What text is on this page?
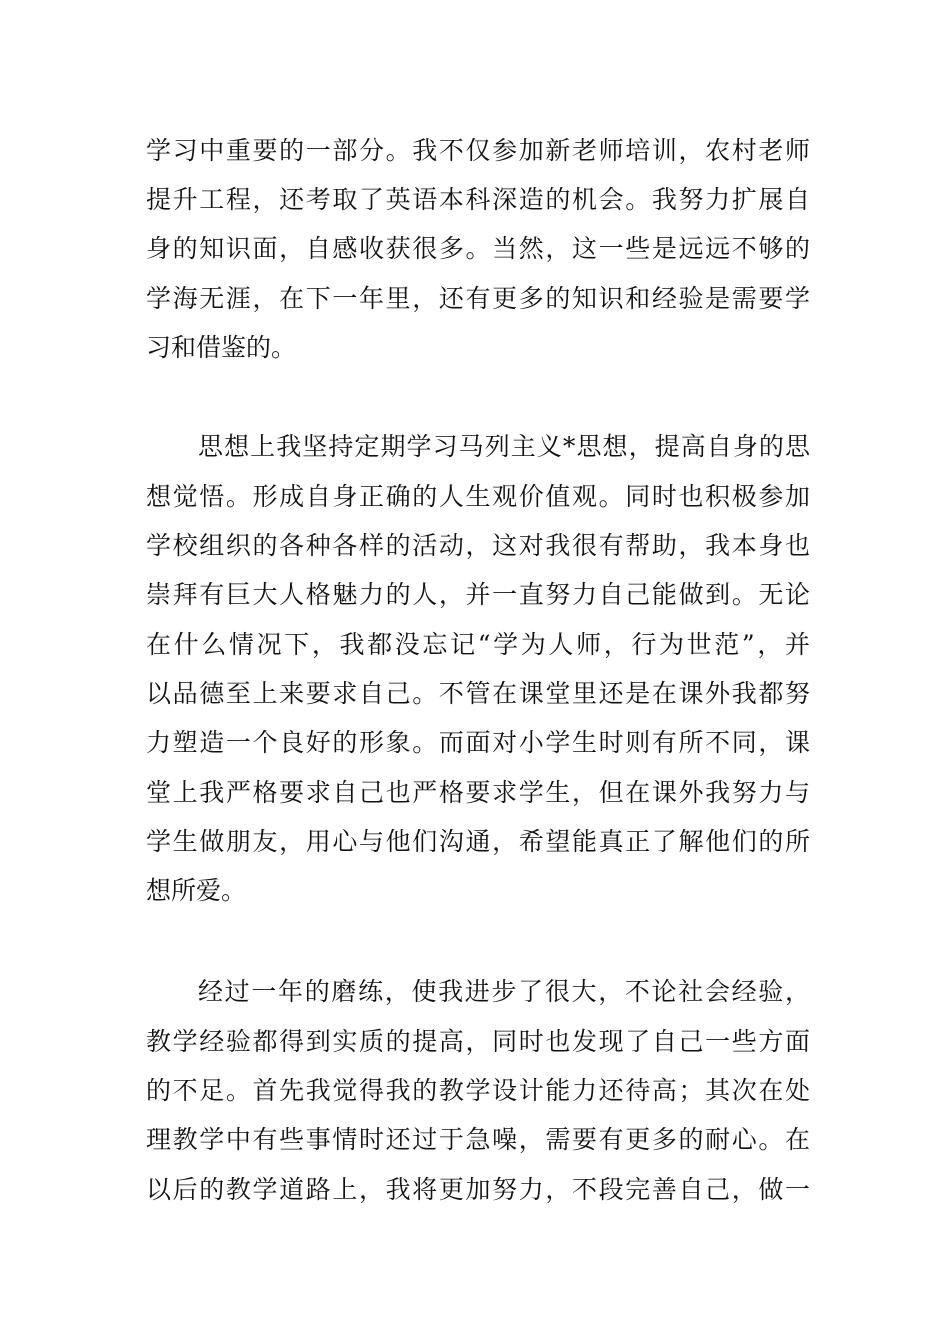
学习中重要的一部分。我不仅参加新老师培训，农村老师
提升工程，还考取了英语本科深造的机会。我努力扩展自
身的知识面，自感收获很多。当然，这一些是远远不够的
学海无涯，在下一年里，还有更多的知识和经验是需要学
习和借鉴的。
思想上我坚持定期学习马列主义*思想，提高自身的思
想觉悟。形成自身正确的人生观价值观。同时也积极参加
学校组织的各种各样的活动，这对我很有帮助，我本身也
崇拜有巨大人格魅力的人，并一直努力自己能做到。无论
在什么情况下，我都没忘记“学为人师，行为世范”，并
以品德至上来要求自己。不管在课堂里还是在课外我都努
力塑造一个良好的形象。而面对小学生时则有所不同，课
堂上我严格要求自己也严格要求学生，但在课外我努力与
学生做朋友，用心与他们沟通，希望能真正了解他们的所
想所爱。
经过一年的磨练，使我进步了很大，不论社会经验，
教学经验都得到实质的提高，同时也发现了自己一些方面
的不足。首先我觉得我的教学设计能力还待高；其次在处
理教学中有些事情时还过于急噪，需要有更多的耐心。在
以后的教学道路上，我将更加努力，不段完善自己，做一
